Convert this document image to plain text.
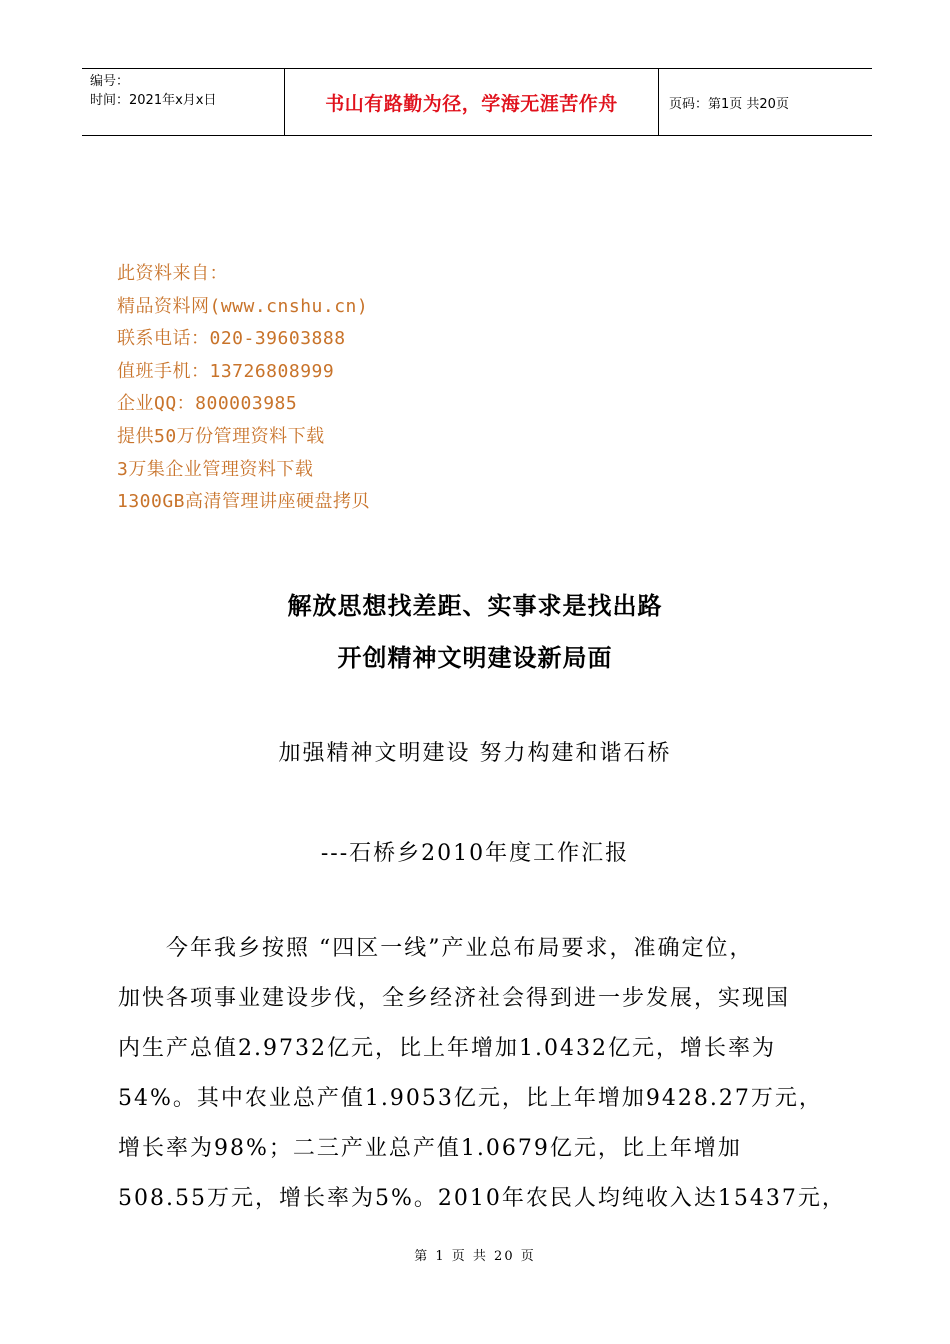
编号：
时间：2021年x月x日	书山有路勤为径，学海无涯苦作舟	页码：第1页 共20页
此资料来自：
精品资料网(www.cnshu.cn)
联系电话：020-39603888
值班手机：13726808999
企业QQ：800003985
提供50万份管理资料下载
3万集企业管理资料下载
1300GB高清管理讲座硬盘拷贝
解放思想找差距、实事求是找出路
开创精神文明建设新局面
加强精神文明建设 努力构建和谐石桥
---石桥乡2010年度工作汇报
　　今年我乡按照 “四区一线”产业总布局要求，准确定位，
加快各项事业建设步伐，全乡经济社会得到进一步发展，实现国
内生产总值2.9732亿元，比上年增加1.0432亿元，增长率为
54%。其中农业总产值1.9053亿元，比上年增加9428.27万元，
增长率为98%；二三产业总产值1.0679亿元，比上年增加
508.55万元，增长率为5%。2010年农民人均纯收入达15437元，
第 1 页 共 20 页
